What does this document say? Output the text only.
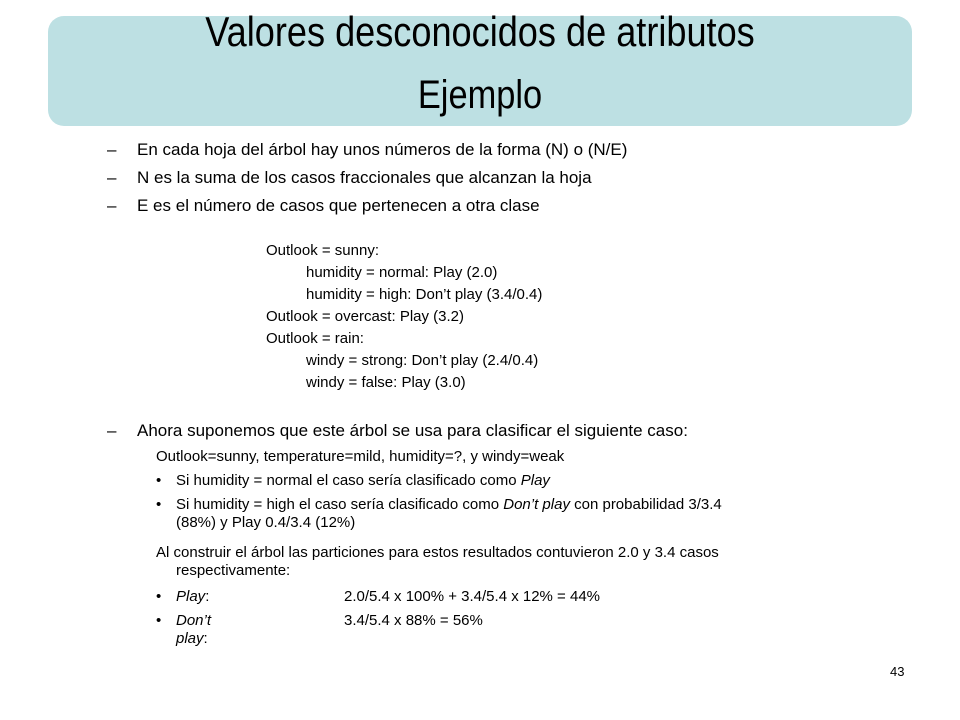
Valores desconocidos de atributos
Ejemplo
– En cada hoja del árbol hay unos números de la forma (N) o (N/E)
– N es la suma de los casos fraccionales que alcanzan la hoja
– E es el número de casos que pertenecen a otra clase
Outlook = sunny:
humidity = normal: Play (2.0)
humidity = high: Don’t play (3.4/0.4)
Outlook = overcast: Play (3.2)
Outlook = rain:
windy = strong: Don’t play (2.4/0.4)
windy = false: Play (3.0)
– Ahora suponemos que este árbol se usa para clasificar el siguiente caso:
Outlook=sunny, temperature=mild, humidity=?, y windy=weak
• Si humidity = normal el caso sería clasificado como Play
• Si humidity = high el caso sería clasificado como Don’t play con probabilidad 3/3.4
(88%) y Play 0.4/3.4 (12%)
Al construir el árbol las particiones para estos resultados contuvieron 2.0 y 3.4 casos
respectivamente:
• Play:	2.0/5.4 x 100% + 3.4/5.4 x 12% = 44%
• Don’t play:
3.4/5.4 x 88% = 56%
43
